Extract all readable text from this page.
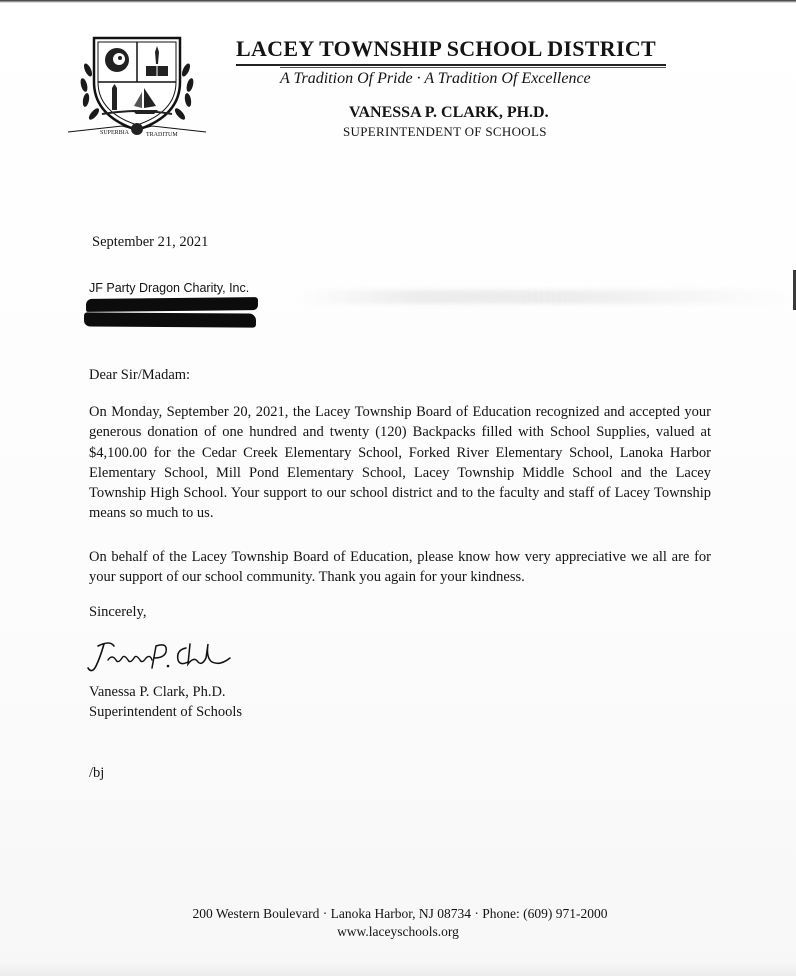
SUPERBIA	TRADITUM
LACEY TOWNSHIP SCHOOL DISTRICT
A Tradition Of Pride · A Tradition Of Excellence
VANESSA P. CLARK, PH.D.
SUPERINTENDENT OF SCHOOLS
September 21, 2021
JF Party Dragon Charity, Inc.
Dear Sir/Madam:
On Monday, September 20, 2021, the Lacey Township Board of Education recognized and accepted your generous donation of one hundred and twenty (120) Backpacks filled with School Supplies, valued at $4,100.00 for the Cedar Creek Elementary School, Forked River Elementary School, Lanoka Harbor Elementary School, Mill Pond Elementary School, Lacey Township Middle School and the Lacey Township High School. Your support to our school district and to the faculty and staff of Lacey Township means so much to us.
On behalf of the Lacey Township Board of Education, please know how very appreciative we all are for your support of our school community. Thank you again for your kindness.
Sincerely,
Vanessa P. Clark
Vanessa P. Clark, Ph.D.
Superintendent of Schools
/bj
200 Western Boulevard · Lanoka Harbor, NJ 08734 · Phone: (609) 971-2000
www.laceyschools.org
